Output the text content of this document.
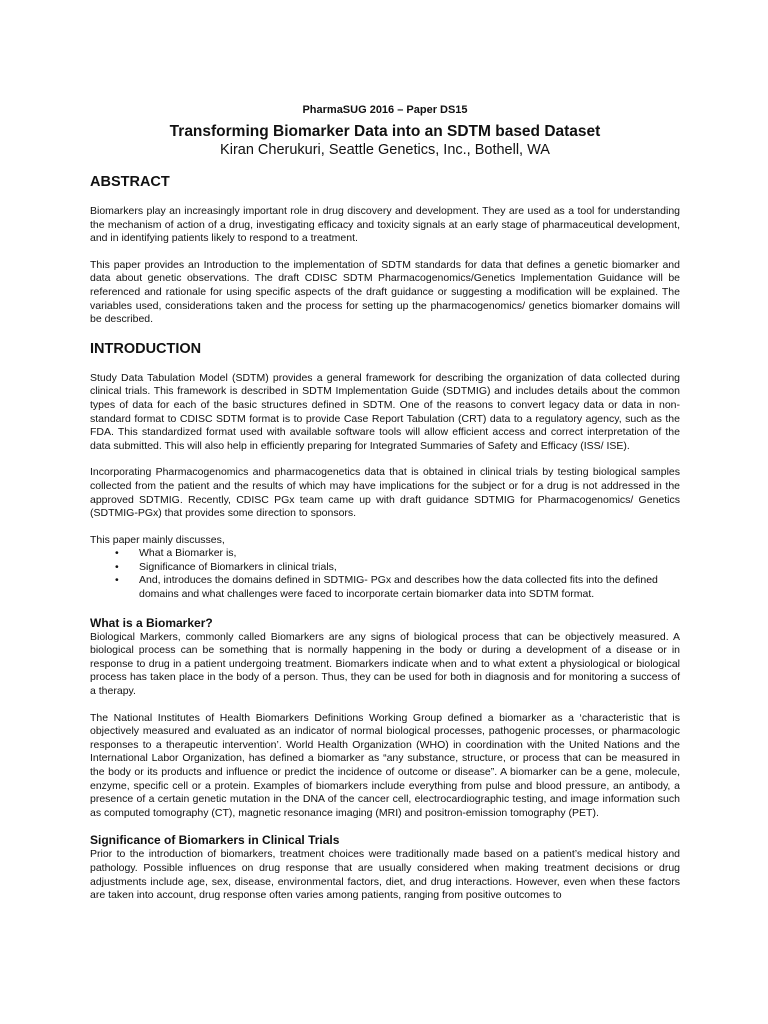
PharmaSUG 2016 – Paper DS15
Transforming Biomarker Data into an SDTM based Dataset
Kiran Cherukuri, Seattle Genetics, Inc., Bothell, WA
ABSTRACT

Biomarkers play an increasingly important role in drug discovery and development. They are used as a tool for understanding the mechanism of action of a drug, investigating efficacy and toxicity signals at an early stage of pharmaceutical development, and in identifying patients likely to respond to a treatment.

This paper provides an Introduction to the implementation of SDTM standards for data that defines a genetic biomarker and data about genetic observations. The draft CDISC SDTM Pharmacogenomics/Genetics Implementation Guidance will be referenced and rationale for using specific aspects of the draft guidance or suggesting a modification will be explained. The variables used, considerations taken and the process for setting up the pharmacogenomics/ genetics biomarker domains will be described.

INTRODUCTION

Study Data Tabulation Model (SDTM) provides a general framework for describing the organization of data collected during clinical trials. This framework is described in SDTM Implementation Guide (SDTMIG) and includes details about the common types of data for each of the basic structures defined in SDTM. One of the reasons to convert legacy data or data in non-standard format to CDISC SDTM format is to provide Case Report Tabulation (CRT) data to a regulatory agency, such as the FDA. This standardized format used with available software tools will allow efficient access and correct interpretation of the data submitted. This will also help in efficiently preparing for Integrated Summaries of Safety and Efficacy (ISS/ ISE).

Incorporating Pharmacogenomics and pharmacogenetics data that is obtained in clinical trials by testing biological samples collected from the patient and the results of which may have implications for the subject or for a drug is not addressed in the approved SDTMIG. Recently, CDISC PGx team came up with draft guidance SDTMIG for Pharmacogenomics/ Genetics (SDTMIG-PGx) that provides some direction to sponsors.

This paper mainly discusses,

• What a Biomarker is,
• Significance of Biomarkers in clinical trials,
• And, introduces the domains defined in SDTMIG- PGx and describes how the data collected fits into the defined domains and what challenges were faced to incorporate certain biomarker data into SDTM format.
What is a Biomarker?

Biological Markers, commonly called Biomarkers are any signs of biological process that can be objectively measured. A biological process can be something that is normally happening in the body or during a development of a disease or in response to drug in a patient undergoing treatment. Biomarkers indicate when and to what extent a physiological or biological process has taken place in the body of a person. Thus, they can be used for both in diagnosis and for monitoring a success of a therapy.

The National Institutes of Health Biomarkers Definitions Working Group defined a biomarker as a ‘characteristic that is objectively measured and evaluated as an indicator of normal biological processes, pathogenic processes, or pharmacologic responses to a therapeutic intervention’. World Health Organization (WHO) in coordination with the United Nations and the International Labor Organization, has defined a biomarker as “any substance, structure, or process that can be measured in the body or its products and influence or predict the incidence of outcome or disease”. A biomarker can be a gene, molecule, enzyme, specific cell or a protein. Examples of biomarkers include everything from pulse and blood pressure, an antibody, a presence of a certain genetic mutation in the DNA of the cancer cell, electrocardiographic testing, and image information such as computed tomography (CT), magnetic resonance imaging (MRI) and positron-emission tomography (PET).

Significance of Biomarkers in Clinical Trials

Prior to the introduction of biomarkers, treatment choices were traditionally made based on a patient’s medical history and pathology. Possible influences on drug response that are usually considered when making treatment decisions or drug adjustments include age, sex, disease, environmental factors, diet, and drug interactions. However, even when these factors are taken into account, drug response often varies among patients, ranging from positive outcomes to
